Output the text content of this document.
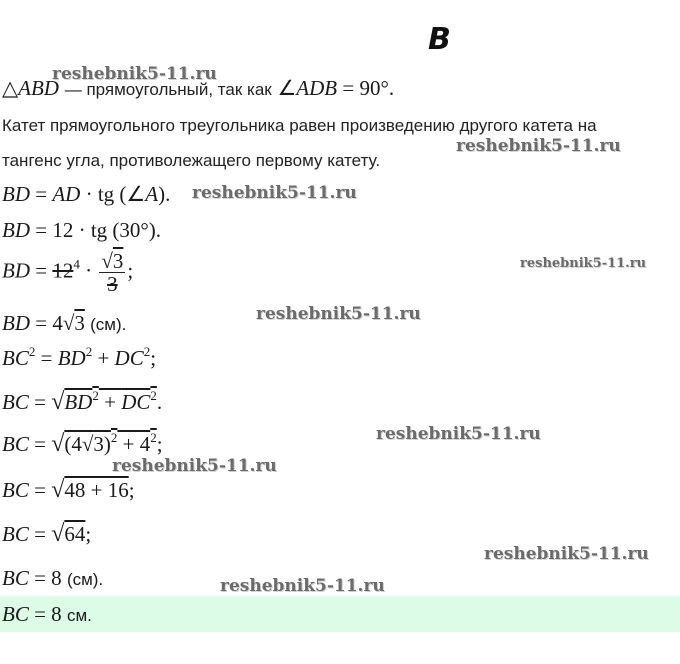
B
△ABD — прямоугольный, так как ∠ADB = 90°.
Катет прямоугольного треугольника равен произведению другого катета на
тангенс угла, противолежащего первому катету.
BD = AD · tg (∠A).
BD = 12 · tg (30°).
BD = $12^4 \cdot \frac{√3}{3}$ ;
BD = 4√3 (см).
$BC^2 = BD^2 + DC^2$;
BC = $√BD^2 + DC^2$.
BC = $√(4√3)^2 + 4^2$;
BC = √48 + 16;
BC = √64;
BC = 8 (см).
BC = 8 см.
reshebnik5-11.ru
reshebnik5-11.ru
reshebnik5-11.ru
reshebnik5-11.ru
reshebnik5-11.ru
reshebnik5-11.ru
reshebnik5-11.ru
reshebnik5-11.ru
reshebnik5-11.ru
